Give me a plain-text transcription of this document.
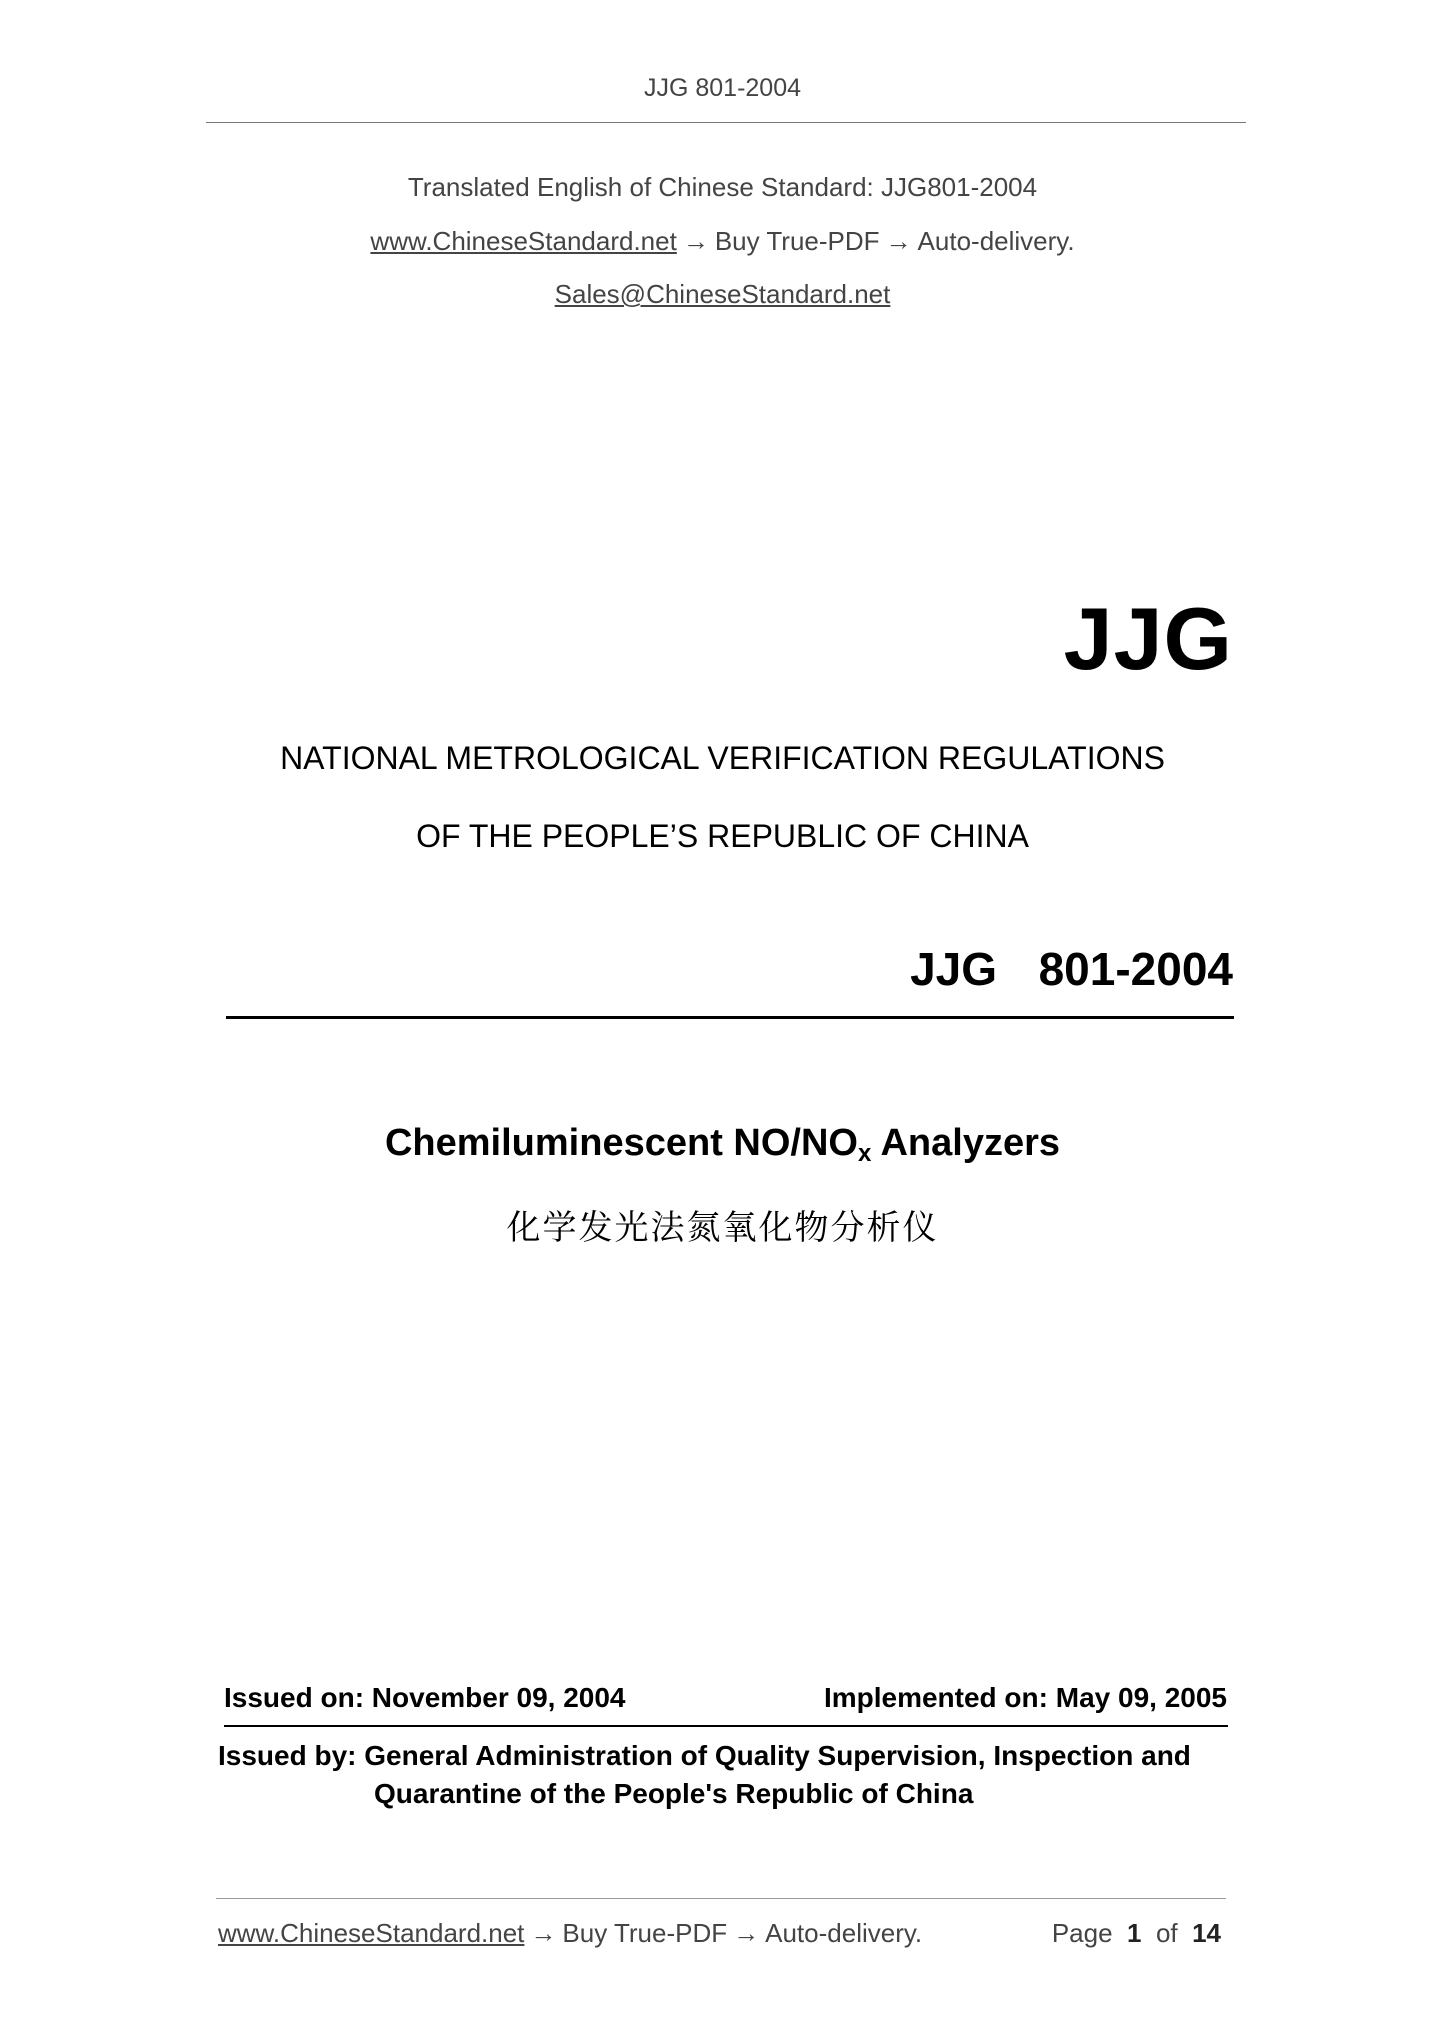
JJG 801-2004
Translated English of Chinese Standard: JJG801-2004
www.ChineseStandard.net → Buy True-PDF → Auto-delivery.
Sales@ChineseStandard.net
JJG
NATIONAL METROLOGICAL VERIFICATION REGULATIONS
OF THE PEOPLE’S REPUBLIC OF CHINA
JJG  801-2004
Chemiluminescent $NO/NO_x$ Analyzers
化学发光法氮氧化物分析仪
Issued on: November 09, 2004	Implemented on: May 09, 2005
Issued by: General Administration of Quality Supervision, Inspection and
Quarantine of the People's Republic of China
www.ChineseStandard.net → Buy True-PDF → Auto-delivery.	Page 1 of 14
